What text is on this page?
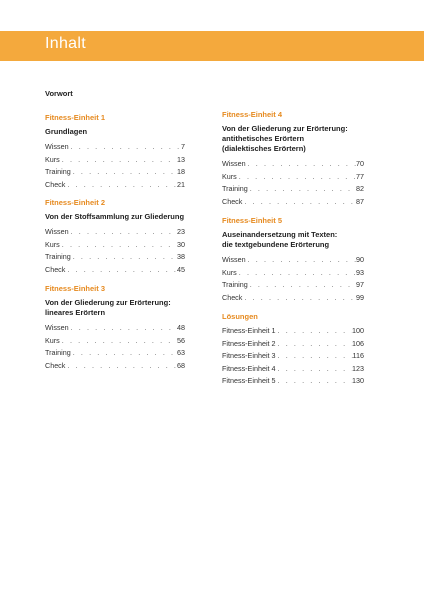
Inhalt
Vorwort
Fitness-Einheit 1
Grundlagen
Wissen . . .	7
Kurs . . .	13
Training . . .	18
Check . . .	21
Fitness-Einheit 2
Von der Stoffsammlung zur Gliederung
Wissen . . .	23
Kurs . . .	30
Training . . .	38
Check . . .	45
Fitness-Einheit 3
Von der Gliederung zur Erörterung: lineares Erörtern
Wissen . . .	48
Kurs . . .	56
Training . . .	63
Check . . .	68
Fitness-Einheit 4
Von der Gliederung zur Erörterung: antithetisches Erörtern (dialektisches Erörtern)
Wissen . . .	70
Kurs . . .	77
Training . . .	82
Check . . .	87
Fitness-Einheit 5
Auseinandersetzung mit Texten: die textgebundene Erörterung
Wissen . . .	90
Kurs . . .	93
Training . . .	97
Check . . .	99
Lösungen
Fitness-Einheit 1 . . .	100
Fitness-Einheit 2 . . .	106
Fitness-Einheit 3 . . .	116
Fitness-Einheit 4 . . .	123
Fitness-Einheit 5 . . .	130
